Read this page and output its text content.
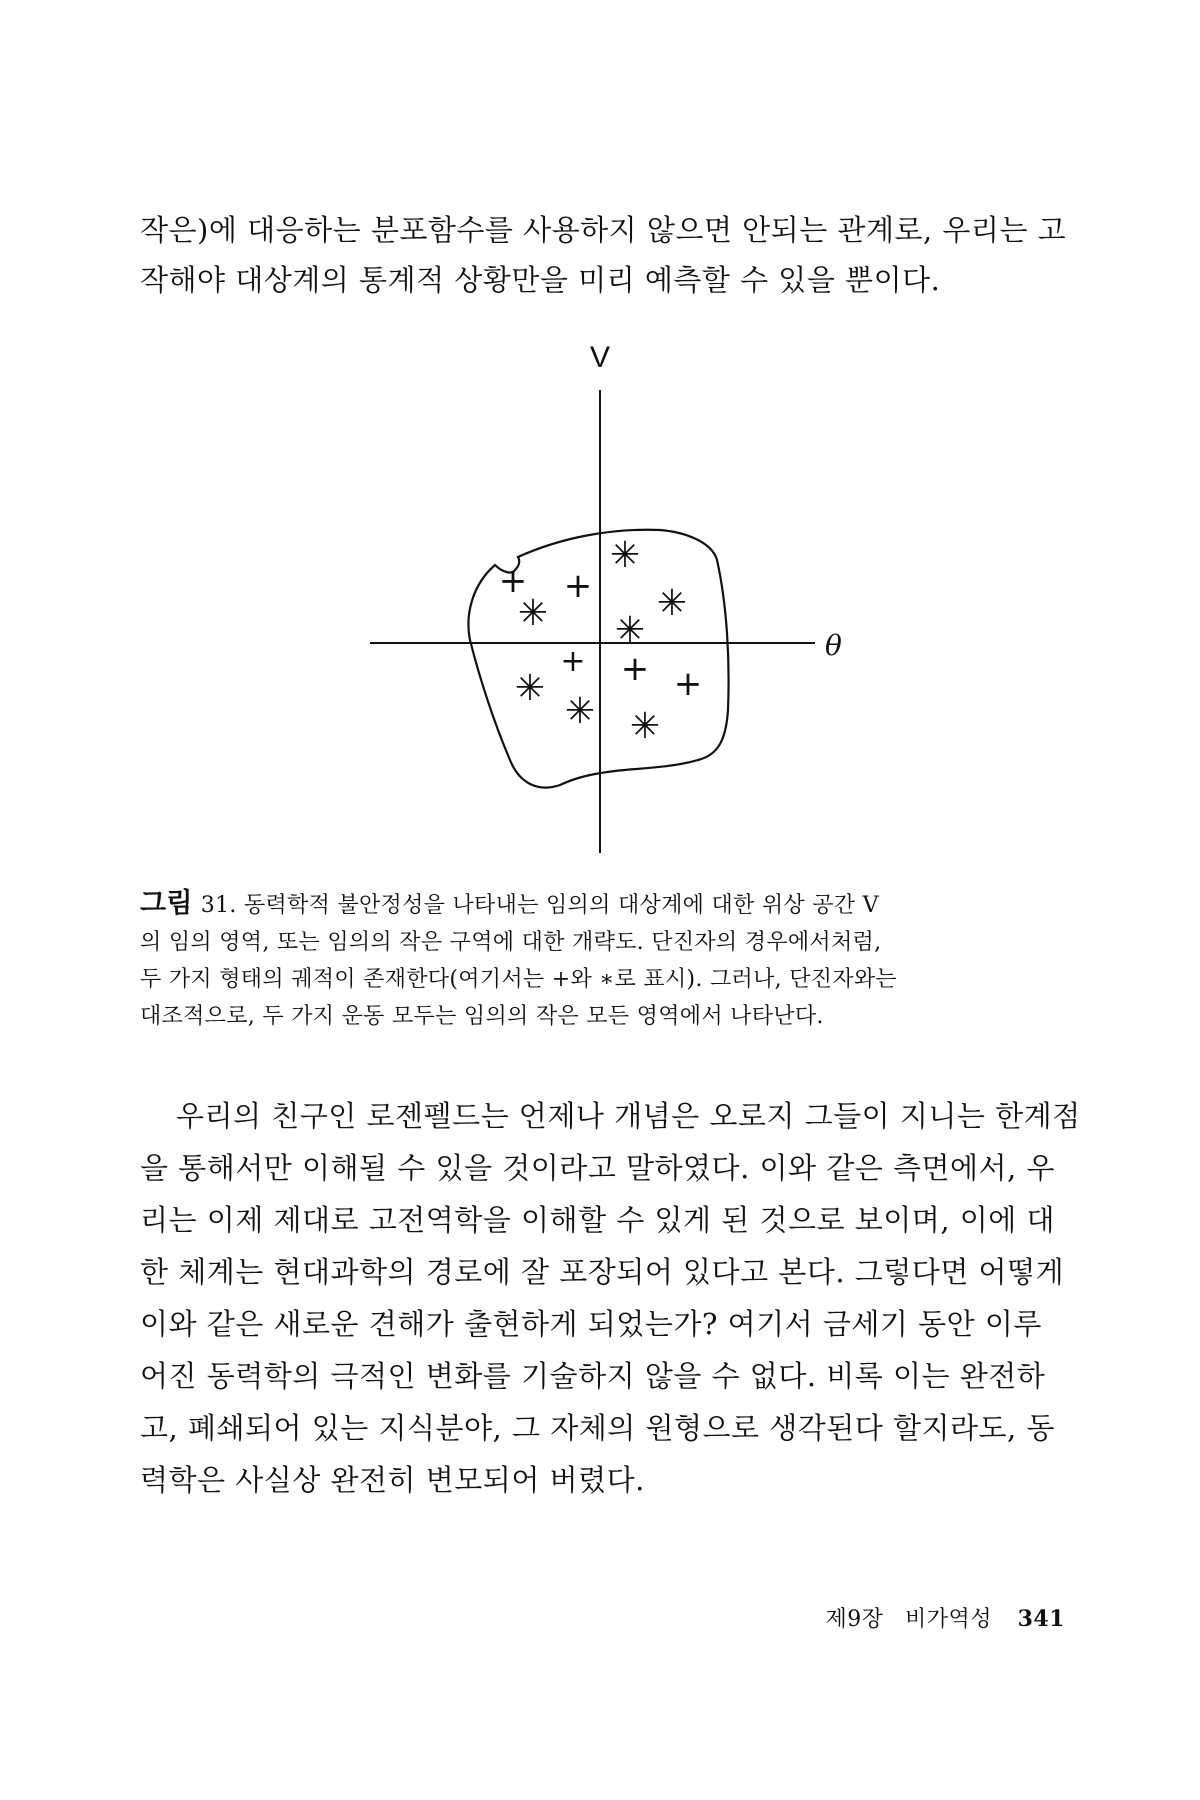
작은)에 대응하는 분포함수를 사용하지 않으면 안되는 관계로, 우리는 고
작해야 대상계의 통계적 상황만을 미리 예측할 수 있을 뿐이다.
V
θ
+ +
+ + +
✳
✳	✳
✳
✳
✳ ✳
그림 31. 동력학적 불안정성을 나타내는 임의의 대상계에 대한 위상 공간 V
의 임의 영역, 또는 임의의 작은 구역에 대한 개략도. 단진자의 경우에서처럼,
두 가지 형태의 궤적이 존재한다(여기서는 +와 ∗로 표시). 그러나, 단진자와는
대조적으로, 두 가지 운동 모두는 임의의 작은 모든 영역에서 나타난다.
우리의 친구인 로젠펠드는 언제나 개념은 오로지 그들이 지니는 한계점
을 통해서만 이해될 수 있을 것이라고 말하였다. 이와 같은 측면에서, 우
리는 이제 제대로 고전역학을 이해할 수 있게 된 것으로 보이며, 이에 대
한 체계는 현대과학의 경로에 잘 포장되어 있다고 본다. 그렇다면 어떻게
이와 같은 새로운 견해가 출현하게 되었는가? 여기서 금세기 동안 이루
어진 동력학의 극적인 변화를 기술하지 않을 수 없다. 비록 이는 완전하
고, 폐쇄되어 있는 지식분야, 그 자체의 원형으로 생각된다 할지라도, 동
력학은 사실상 완전히 변모되어 버렸다.
제9장 비가역성 341
